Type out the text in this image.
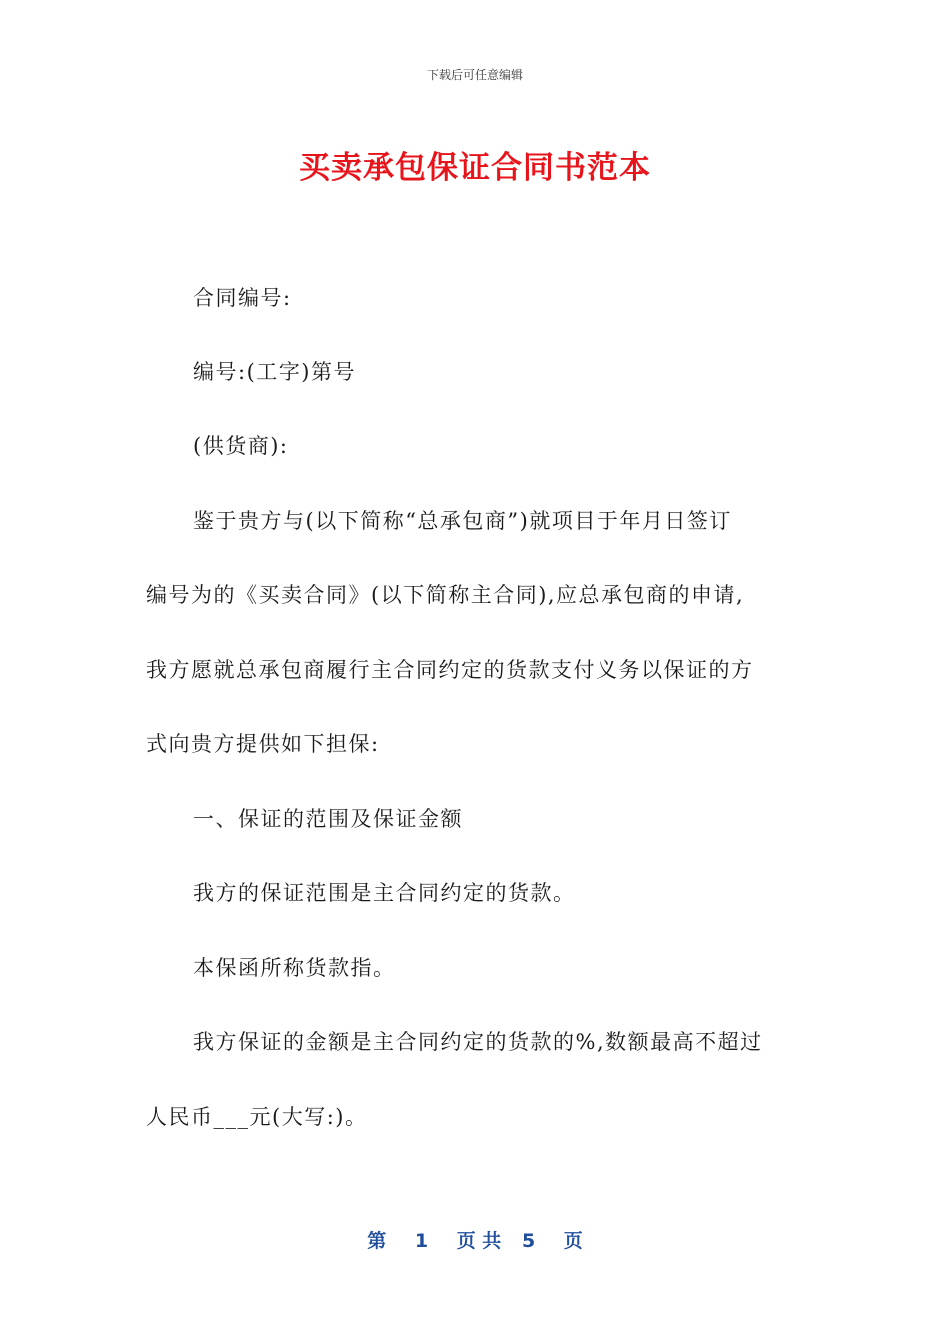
下载后可任意编辑
买卖承包保证合同书范本
合同编号:
编号:(工字)第号
(供货商):
鉴于贵方与(以下简称“总承包商”)就项目于年月日签订
编号为的《买卖合同》(以下简称主合同),应总承包商的申请,
我方愿就总承包商履行主合同约定的货款支付义务以保证的方
式向贵方提供如下担保:
一、保证的范围及保证金额
我方的保证范围是主合同约定的货款。
本保函所称货款指。
我方保证的金额是主合同约定的货款的%,数额最高不超过
人民币___元(大写:)。
第 1 页 共 5 页
